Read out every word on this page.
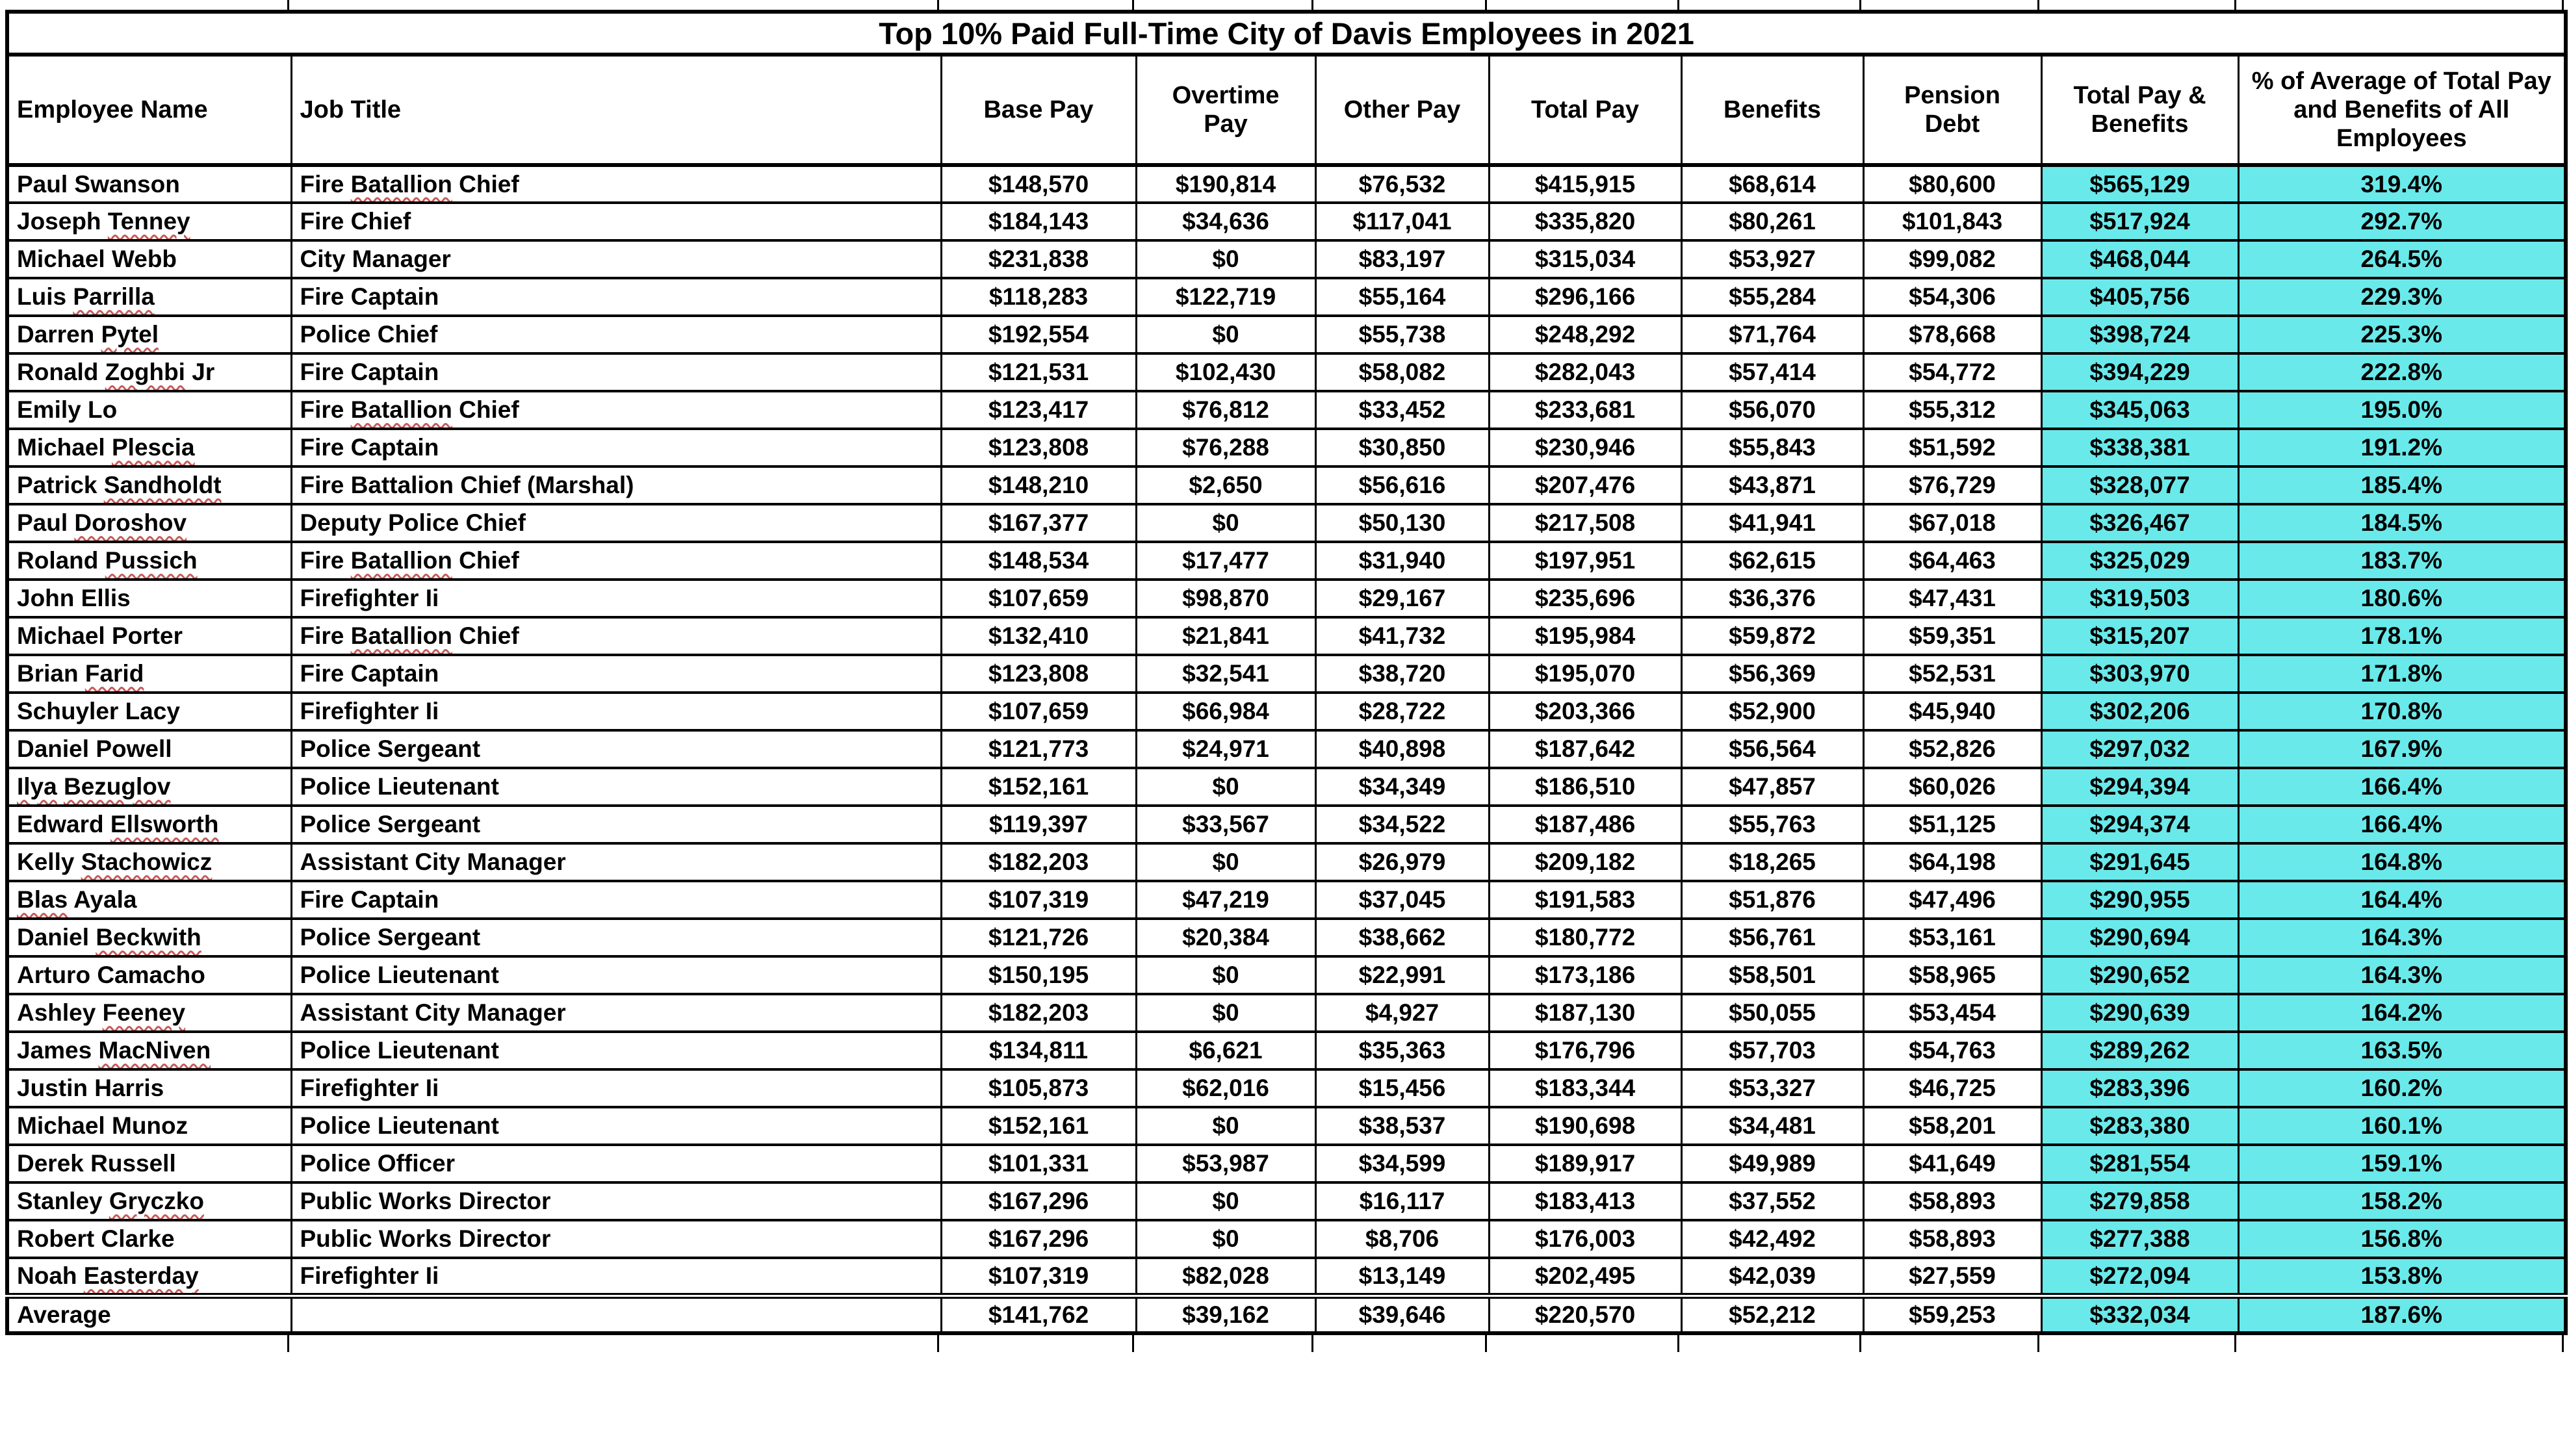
Top 10% Paid Full-Time City of Davis Employees in 2021									
Employee Name	Job Title	Base Pay	Overtime Pay	Other Pay	Total Pay	Benefits	Pension Debt	Total Pay & Benefits	% of Average of Total Pay and Benefits of All Employees
Paul Swanson	Fire Batallion Chief	$148,570	$190,814	$76,532	$415,915	$68,614	$80,600	$565,129	319.4%
Joseph Tenney	Fire Chief	$184,143	$34,636	$117,041	$335,820	$80,261	$101,843	$517,924	292.7%
Michael Webb	City Manager	$231,838	$0	$83,197	$315,034	$53,927	$99,082	$468,044	264.5%
Luis Parrilla	Fire Captain	$118,283	$122,719	$55,164	$296,166	$55,284	$54,306	$405,756	229.3%
Darren Pytel	Police Chief	$192,554	$0	$55,738	$248,292	$71,764	$78,668	$398,724	225.3%
Ronald Zoghbi Jr	Fire Captain	$121,531	$102,430	$58,082	$282,043	$57,414	$54,772	$394,229	222.8%
Emily Lo	Fire Batallion Chief	$123,417	$76,812	$33,452	$233,681	$56,070	$55,312	$345,063	195.0%
Michael Plescia	Fire Captain	$123,808	$76,288	$30,850	$230,946	$55,843	$51,592	$338,381	191.2%
Patrick Sandholdt	Fire Battalion Chief (Marshal)	$148,210	$2,650	$56,616	$207,476	$43,871	$76,729	$328,077	185.4%
Paul Doroshov	Deputy Police Chief	$167,377	$0	$50,130	$217,508	$41,941	$67,018	$326,467	184.5%
Roland Pussich	Fire Batallion Chief	$148,534	$17,477	$31,940	$197,951	$62,615	$64,463	$325,029	183.7%
John Ellis	Firefighter Ii	$107,659	$98,870	$29,167	$235,696	$36,376	$47,431	$319,503	180.6%
Michael Porter	Fire Batallion Chief	$132,410	$21,841	$41,732	$195,984	$59,872	$59,351	$315,207	178.1%
Brian Farid	Fire Captain	$123,808	$32,541	$38,720	$195,070	$56,369	$52,531	$303,970	171.8%
Schuyler Lacy	Firefighter Ii	$107,659	$66,984	$28,722	$203,366	$52,900	$45,940	$302,206	170.8%
Daniel Powell	Police Sergeant	$121,773	$24,971	$40,898	$187,642	$56,564	$52,826	$297,032	167.9%
Ilya Bezuglov	Police Lieutenant	$152,161	$0	$34,349	$186,510	$47,857	$60,026	$294,394	166.4%
Edward Ellsworth	Police Sergeant	$119,397	$33,567	$34,522	$187,486	$55,763	$51,125	$294,374	166.4%
Kelly Stachowicz	Assistant City Manager	$182,203	$0	$26,979	$209,182	$18,265	$64,198	$291,645	164.8%
Blas Ayala	Fire Captain	$107,319	$47,219	$37,045	$191,583	$51,876	$47,496	$290,955	164.4%
Daniel Beckwith	Police Sergeant	$121,726	$20,384	$38,662	$180,772	$56,761	$53,161	$290,694	164.3%
Arturo Camacho	Police Lieutenant	$150,195	$0	$22,991	$173,186	$58,501	$58,965	$290,652	164.3%
Ashley Feeney	Assistant City Manager	$182,203	$0	$4,927	$187,130	$50,055	$53,454	$290,639	164.2%
James MacNiven	Police Lieutenant	$134,811	$6,621	$35,363	$176,796	$57,703	$54,763	$289,262	163.5%
Justin Harris	Firefighter Ii	$105,873	$62,016	$15,456	$183,344	$53,327	$46,725	$283,396	160.2%
Michael Munoz	Police Lieutenant	$152,161	$0	$38,537	$190,698	$34,481	$58,201	$283,380	160.1%
Derek Russell	Police Officer	$101,331	$53,987	$34,599	$189,917	$49,989	$41,649	$281,554	159.1%
Stanley Gryczko	Public Works Director	$167,296	$0	$16,117	$183,413	$37,552	$58,893	$279,858	158.2%
Robert Clarke	Public Works Director	$167,296	$0	$8,706	$176,003	$42,492	$58,893	$277,388	156.8%
Noah Easterday	Firefighter Ii	$107,319	$82,028	$13,149	$202,495	$42,039	$27,559	$272,094	153.8%
Average		$141,762	$39,162	$39,646	$220,570	$52,212	$59,253	$332,034	187.6%
